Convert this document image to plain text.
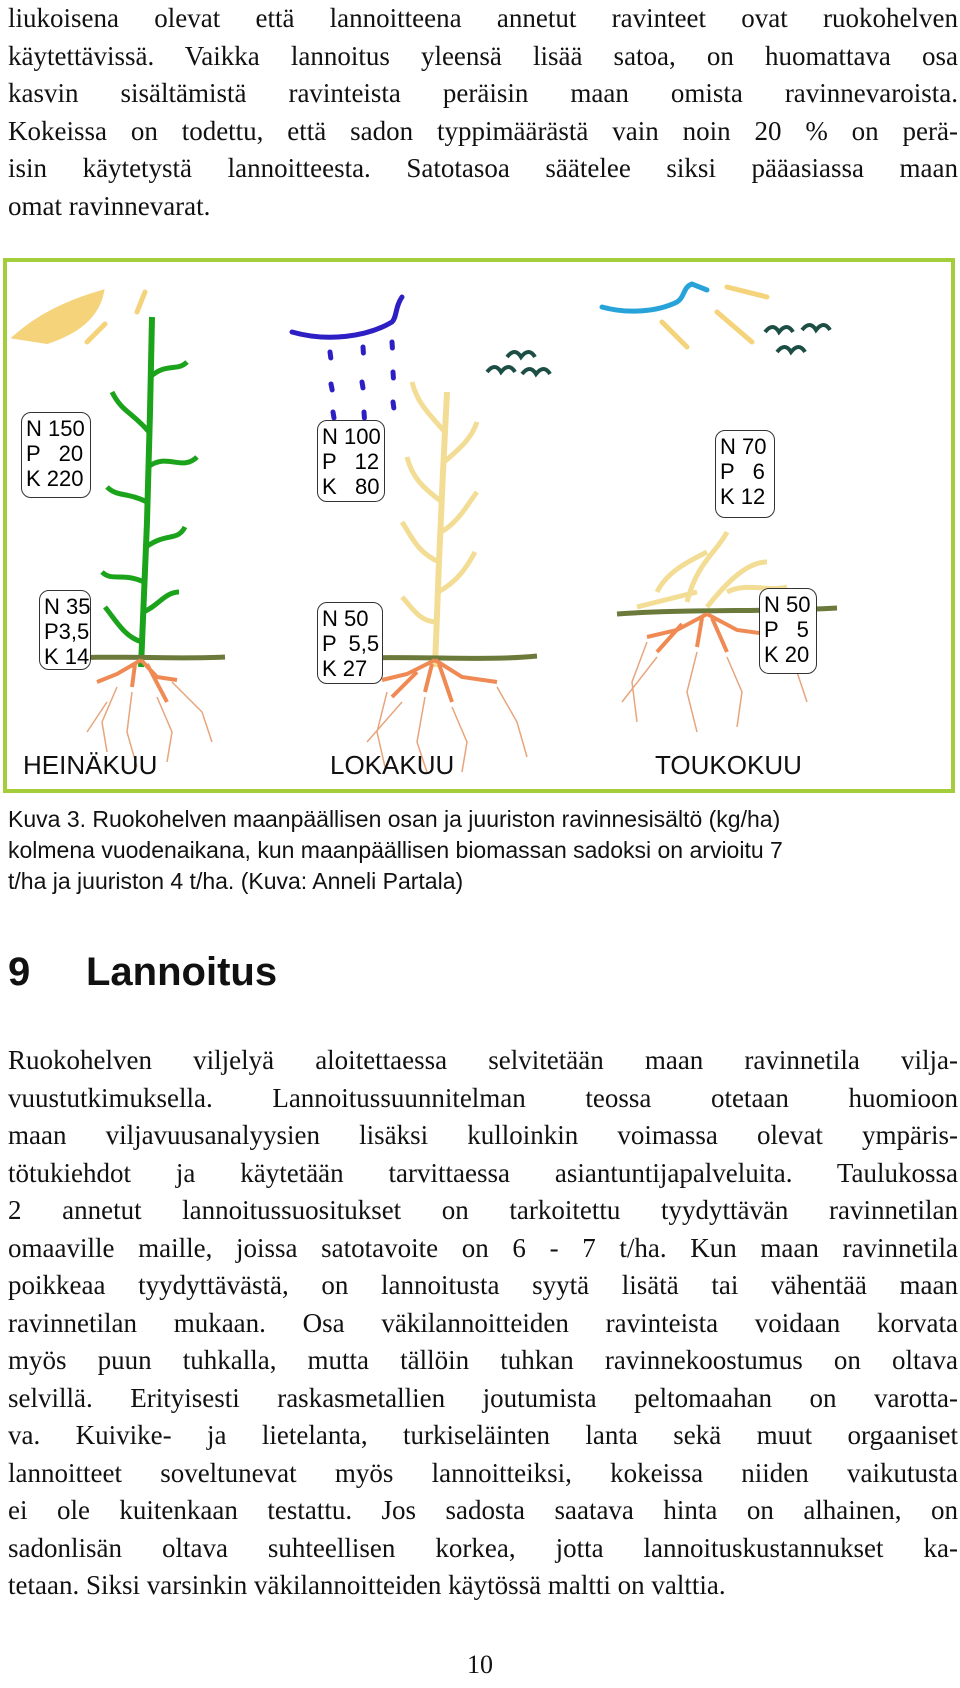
liukoisena olevat että lannoitteena annetut ravinteet ovat ruokohelven
käytettävissä. Vaikka lannoitus yleensä lisää satoa, on huomattava osa
kasvin sisältämistä ravinteista peräisin maan omista ravinnevaroista.
Kokeissa on todettu, että sadon typpimäärästä vain noin 20 % on perä-
isin käytetystä lannoitteesta. Satotasoa säätelee siksi pääasiassa maan
omat ravinnevarat.
N 150
P   20
K 220
N 35
P3,5
K 14
N 100
P   12
K   80
N 50
P  5,5
K 27
N 70
P   6
K 12
N 50
P   5
K 20
HEINÄKUU	LOKAKUU	TOUKOKUU
Kuva 3. Ruokohelven maanpäällisen osan ja juuriston ravinnesisältö (kg/ha)
kolmena vuodenaikana, kun maanpäällisen biomassan sadoksi on arvioitu 7
t/ha ja juuriston 4 t/ha. (Kuva: Anneli Partala)
9 Lannoitus
Ruokohelven viljelyä aloitettaessa selvitetään maan ravinnetila vilja-
vuustutkimuksella. Lannoitussuunnitelman teossa otetaan huomioon
maan viljavuusanalyysien lisäksi kulloinkin voimassa olevat ympäris-
tötukiehdot ja käytetään tarvittaessa asiantuntijapalveluita. Taulukossa
2 annetut lannoitussuositukset on tarkoitettu tyydyttävän ravinnetilan
omaaville maille, joissa satotavoite on 6 - 7 t/ha. Kun maan ravinnetila
poikkeaa tyydyttävästä, on lannoitusta syytä lisätä tai vähentää maan
ravinnetilan mukaan. Osa väkilannoitteiden ravinteista voidaan korvata
myös puun tuhkalla, mutta tällöin tuhkan ravinnekoostumus on oltava
selvillä. Erityisesti raskasmetallien joutumista peltomaahan on varotta-
va. Kuivike- ja lietelanta, turkiseläinten lanta sekä muut orgaaniset
lannoitteet soveltunevat myös lannoitteiksi, kokeissa niiden vaikutusta
ei ole kuitenkaan testattu. Jos sadosta saatava hinta on alhainen, on
sadonlisän oltava suhteellisen korkea, jotta lannoituskustannukset ka-
tetaan. Siksi varsinkin väkilannoitteiden käytössä maltti on valttia.
10
